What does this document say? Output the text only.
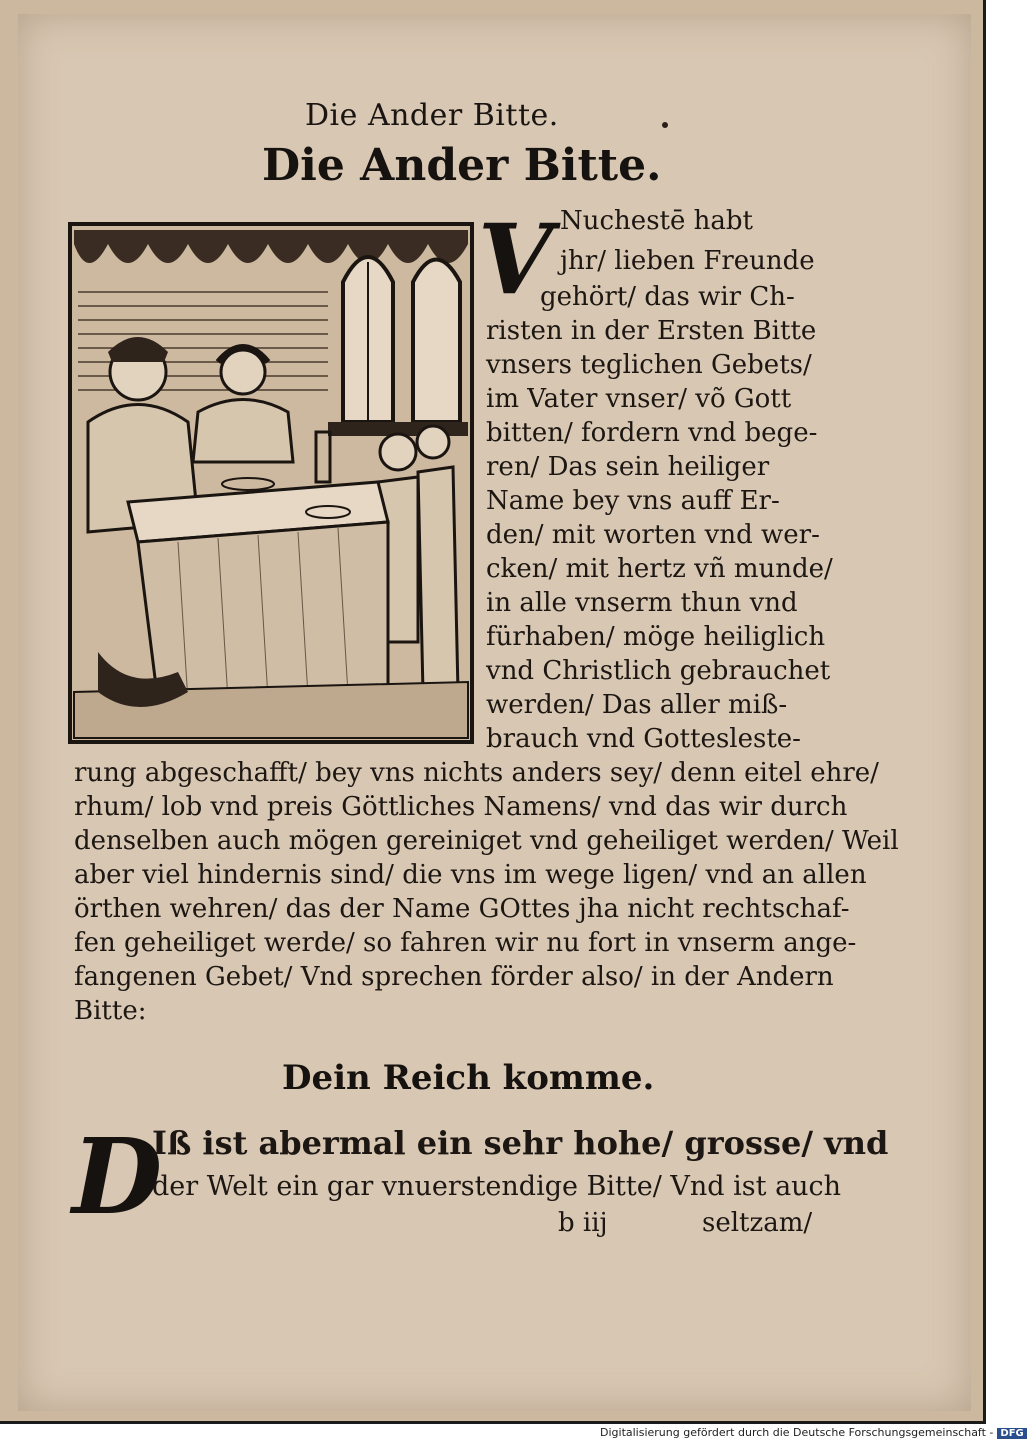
Die Ander Bitte.
Die Ander Bitte.
V Nuchestē habt
jhr/ lieben Freunde
gehört/ das wir Ch-
risten in der Ersten Bitte
vnsers teglichen Gebets/
im Vater vnser/ võ Gott
bitten/ fordern vnd bege-
ren/ Das sein heiliger
Name bey vns auff Er-
den/ mit worten vnd wer-
cken/ mit hertz vñ munde/
in alle vnserm thun vnd
fürhaben/ möge heiliglich
vnd Christlich gebrauchet
werden/ Das aller miß-
brauch vnd Gottesleste-
rung abgeschafft/ bey vns nichts anders sey/ denn eitel ehre/
rhum/ lob vnd preis Göttliches Namens/ vnd das wir durch
denselben auch mögen gereiniget vnd geheiliget werden/ Weil
aber viel hindernis sind/ die vns im wege ligen/ vnd an allen
örthen wehren/ das der Name GOttes jha nicht rechtschaf-
fen geheiliget werde/ so fahren wir nu fort in vnserm ange-
fangenen Gebet/ Vnd sprechen förder also/ in der Andern
Bitte:
Dein Reich komme.
D
Iß ist abermal ein sehr hohe/ grosse/ vnd
der Welt ein gar vnuerstendige Bitte/ Vnd ist auch
b iij	seltzam/
Digitalisierung gefördert durch die Deutsche Forschungsgemeinschaft - DFG
